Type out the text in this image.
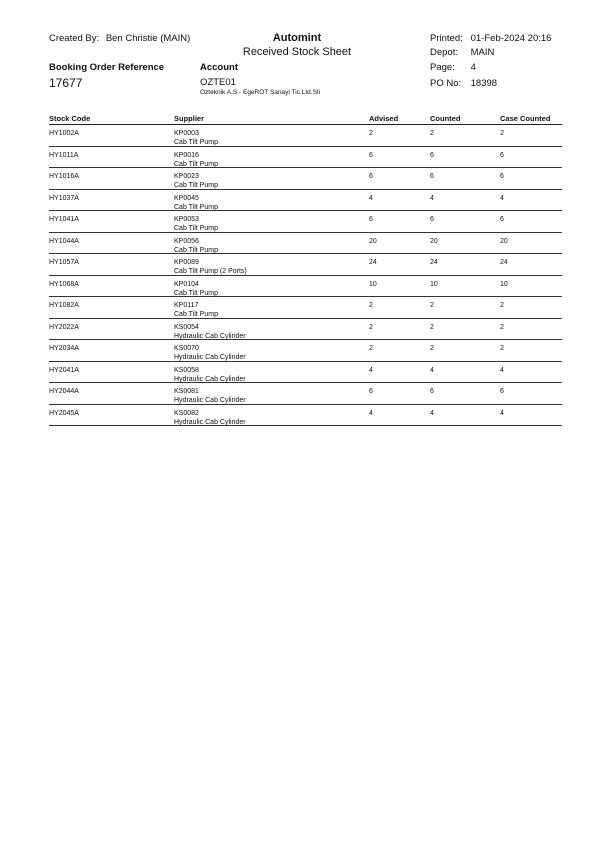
Created By: Ben Christie (MAIN)
Booking Order Reference
17677
Automint
Received Stock Sheet
Account
OZTE01
Ozteknik A.S.- EgeROT Sanayi Tic.Ltd.Sti
Printed: 01-Feb-2024 20:16
Depot: MAIN
Page: 4
PO No: 18398
Stock Code	Supplier	Advised	Counted	Case Counted
HY1002A	KP0003
Cab Tilt Pump
2	2	2
HY1011A	KP0016
Cab Tilt Pump
6	6	6
HY1016A	KP0023
Cab Tilt Pump
6	6	6
HY1037A	KP0045
Cab Tilt Pump
4	4	4
HY1041A	KP0053
Cab Tilt Pump
6	6	6
HY1044A	KP0056
Cab Tilt Pump
20	20	20
HY1057A	KP0089
Cab Tilt Pump (2 Ports)
24	24	24
HY1068A	KP0104
Cab Tilt Pump
10	10	10
HY1082A	KP0117
Cab Tilt Pump
2	2	2
HY2022A	KS0054
Hydraulic Cab Cylinder
2	2	2
HY2034A	KS0070
Hydraulic Cab Cylinder
2	2	2
HY2041A	KS0058
Hydraulic Cab Cylinder
4	4	4
HY2044A	KS0081
Hydraulic Cab Cylinder
6	6	6
HY2045A	KS0082
Hydraulic Cab Cylinder
4	4	4
